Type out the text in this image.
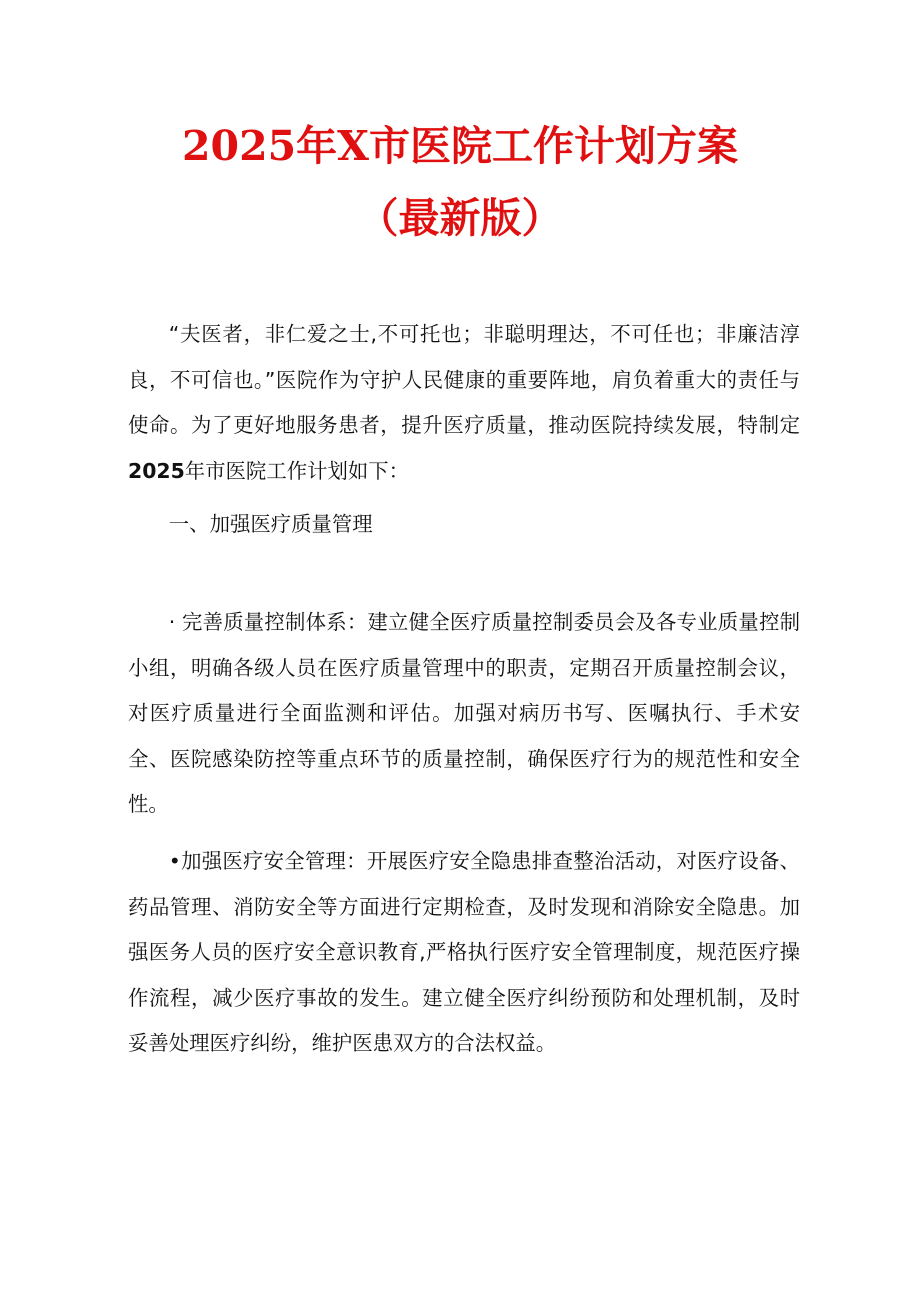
2025年X市医院工作计划方案
（最新版）

“夫医者，非仁爱之士,不可托也；非聪明理达，不可任也；非廉洁淳良，不可信也。”医院作为守护人民健康的重要阵地，肩负着重大的责任与使命。为了更好地服务患者，提升医疗质量，推动医院持续发展，特制定2025年市医院工作计划如下：

一、加强医疗质量管理

· 完善质量控制体系：建立健全医疗质量控制委员会及各专业质量控制小组，明确各级人员在医疗质量管理中的职责，定期召开质量控制会议，对医疗质量进行全面监测和评估。加强对病历书写、医嘱执行、手术安全、医院感染防控等重点环节的质量控制，确保医疗行为的规范性和安全性。

•加强医疗安全管理：开展医疗安全隐患排查整治活动，对医疗设备、药品管理、消防安全等方面进行定期检查，及时发现和消除安全隐患。加强医务人员的医疗安全意识教育,严格执行医疗安全管理制度，规范医疗操作流程，减少医疗事故的发生。建立健全医疗纠纷预防和处理机制，及时妥善处理医疗纠纷，维护医患双方的合法权益。
